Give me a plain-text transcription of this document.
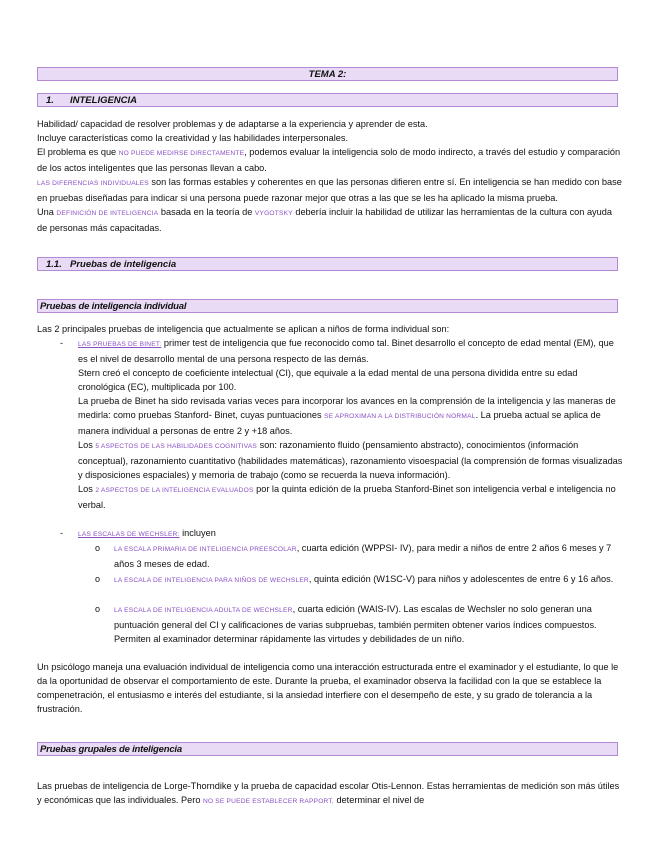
TEMA 2:
1. INTELIGENCIA

Habilidad/ capacidad de resolver problemas y de adaptarse a la experiencia y aprender de esta.

Incluye características como la creatividad y las habilidades interpersonales.

El problema es que NO PUEDE MEDIRSE DIRECTAMENTE, podemos evaluar la inteligencia solo de modo indirecto, a través del estudio y comparación de los actos inteligentes que las personas llevan a cabo.

LAS DIFERENCIAS INDIVIDUALES son las formas estables y coherentes en que las personas difieren entre sí. En inteligencia se han medido con base en pruebas diseñadas para indicar si una persona puede razonar mejor que otras a las que se les ha aplicado la misma prueba.

Una DEFINICIÓN DE INTELIGENCIA basada en la teoría de VYGOTSKY debería incluir la habilidad de utilizar las herramientas de la cultura con ayuda de personas más capacitadas.

1.1. Pruebas de inteligencia
Pruebas de inteligencia individual
Las 2 principales pruebas de inteligencia que actualmente se aplican a niños de forma individual son:
- LAS PRUEBAS DE BINET: primer test de inteligencia que fue reconocido como tal. Binet desarrollo el concepto de edad mental (EM), que es el nivel de desarrollo mental de una persona respecto de las demás.

Stern creó el concepto de coeficiente intelectual (CI), que equivale a la edad mental de una persona dividida entre su edad cronológica (EC), multiplicada por 100.

La prueba de Binet ha sido revisada varias veces para incorporar los avances en la comprensión de la inteligencia y las maneras de medirla: como pruebas Stanford- Binet, cuyas puntuaciones SE APROXIMAN A LA DISTRIBUCIÓN NORMAL. La prueba actual se aplica de manera individual a personas de entre 2 y +18 años.

Los 5 ASPECTOS DE LAS HABILIDADES COGNITIVAS son: razonamiento fluido (pensamiento abstracto), conocimientos (información conceptual), razonamiento cuantitativo (habilidades matemáticas), razonamiento visoespacial (la comprensión de formas visualizadas y disposiciones espaciales) y memoria de trabajo (como se recuerda la nueva información).

Los 2 ASPECTOS DE LA INTELIGENCIA EVALUADOS por la quinta edición de la prueba Stanford-Binet son inteligencia verbal e inteligencia no verbal.

- LAS ESCALAS DE WECHSLER: incluyen
o LA ESCALA PRIMARIA DE INTELIGENCIA PREESCOLAR, cuarta edición (WPPSI- IV), para medir a niños de entre 2 años 6 meses y 7 años 3 meses de edad.
o LA ESCALA DE INTELIGENCIA PARA NIÑOS DE WECHSLER, quinta edición (W1SC-V) para niños y adolescentes de entre 6 y 16 años.
o LA ESCALA DE INTELIGENCIA ADULTA DE WECHSLER, cuarta edición (WAIS-IV). Las escalas de Wechsler no solo generan una puntuación general del CI y calificaciones de varias subpruebas, también permiten obtener varios índices compuestos. Permiten al examinador determinar rápidamente las virtudes y debilidades de un niño.
Un psicólogo maneja una evaluación individual de inteligencia como una interacción estructurada entre el examinador y el estudiante, lo que le da la oportunidad de observar el comportamiento de este. Durante la prueba, el examinador observa la facilidad con la que se establece la compenetración, el entusiasmo e interés del estudiante, si la ansiedad interfiere con el desempeño de este, y su grado de tolerancia a la frustración.
Pruebas grupales de inteligencia
Las pruebas de inteligencia de Lorge-Thorndike y la prueba de capacidad escolar Otis-Lennon. Estas herramientas de medición son más útiles y económicas que las individuales. Pero NO SE PUEDE ESTABLECER RAPPORT, determinar el nivel de
